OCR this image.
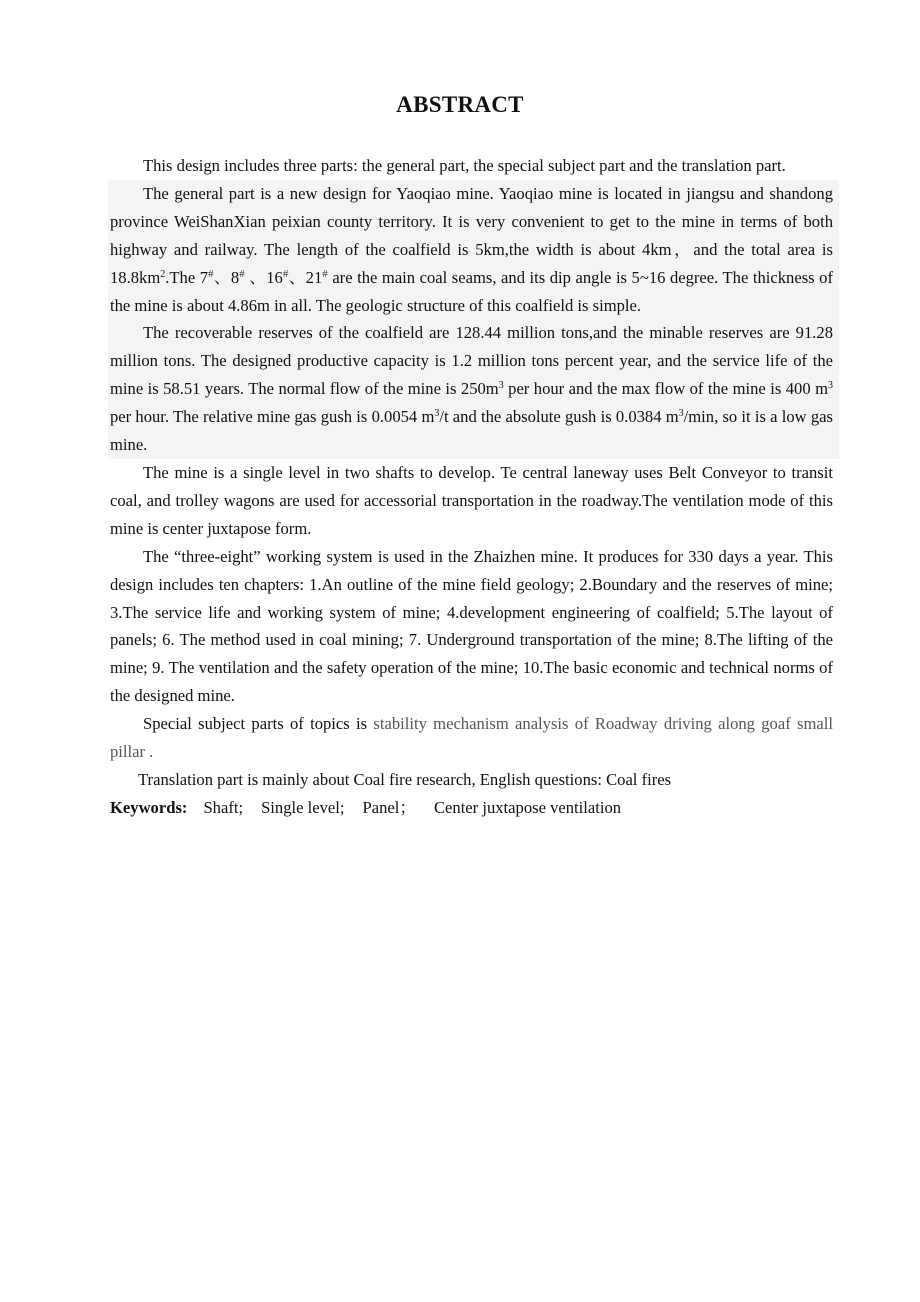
ABSTRACT

This design includes three parts: the general part, the special subject part and the translation part.

The general part is a new design for Yaoqiao mine. Yaoqiao mine is located in jiangsu and shandong province WeiShanXian peixian county territory. It is very convenient to get to the mine in terms of both highway and railway. The length of the coalfield is 5km,the width is about 4km，and the total area is $18.8km^2.The$ 7#、8# 、16#、21# are the main coal seams, and its dip angle is 5~16 degree. The thickness of the mine is about 4.86m in all. The geologic structure of this coalfield is simple.

The recoverable reserves of the coalfield are 128.44 million tons,and the minable reserves are 91.28 million tons. The designed productive capacity is 1.2 million tons percent year, and the service life of the mine is 58.51 years. The normal flow of the mine is $250m^3$ per hour and the max flow of the mine is 400 $m^3$ per hour. The relative mine gas gush is 0.0054 $m^3/t$ and the absolute gush is 0.0384 $m^3/\min$, so it is a low gas mine.

The mine is a single level in two shafts to develop. Te central laneway uses Belt Conveyor to transit coal, and trolley wagons are used for accessorial transportation in the roadway.The ventilation mode of this mine is center juxtapose form.

The “three-eight” working system is used in the Zhaizhen mine. It produces for 330 days a year. This design includes ten chapters: 1.An outline of the mine field geology; 2.Boundary and the reserves of mine; 3.The service life and working system of mine; 4.development engineering of coalfield; 5.The layout of panels; 6. The method used in coal mining; 7. Underground transportation of the mine; 8.The lifting of the mine; 9. The ventilation and the safety operation of the mine; 10.The basic economic and technical norms of the designed mine.

Special subject parts of topics is stability mechanism analysis of Roadway driving along goaf small pillar .

Translation part is mainly about Coal fire research, English questions: Coal fires

Keywords: Shaft; Single level; Panel； Center juxtapose ventilation
